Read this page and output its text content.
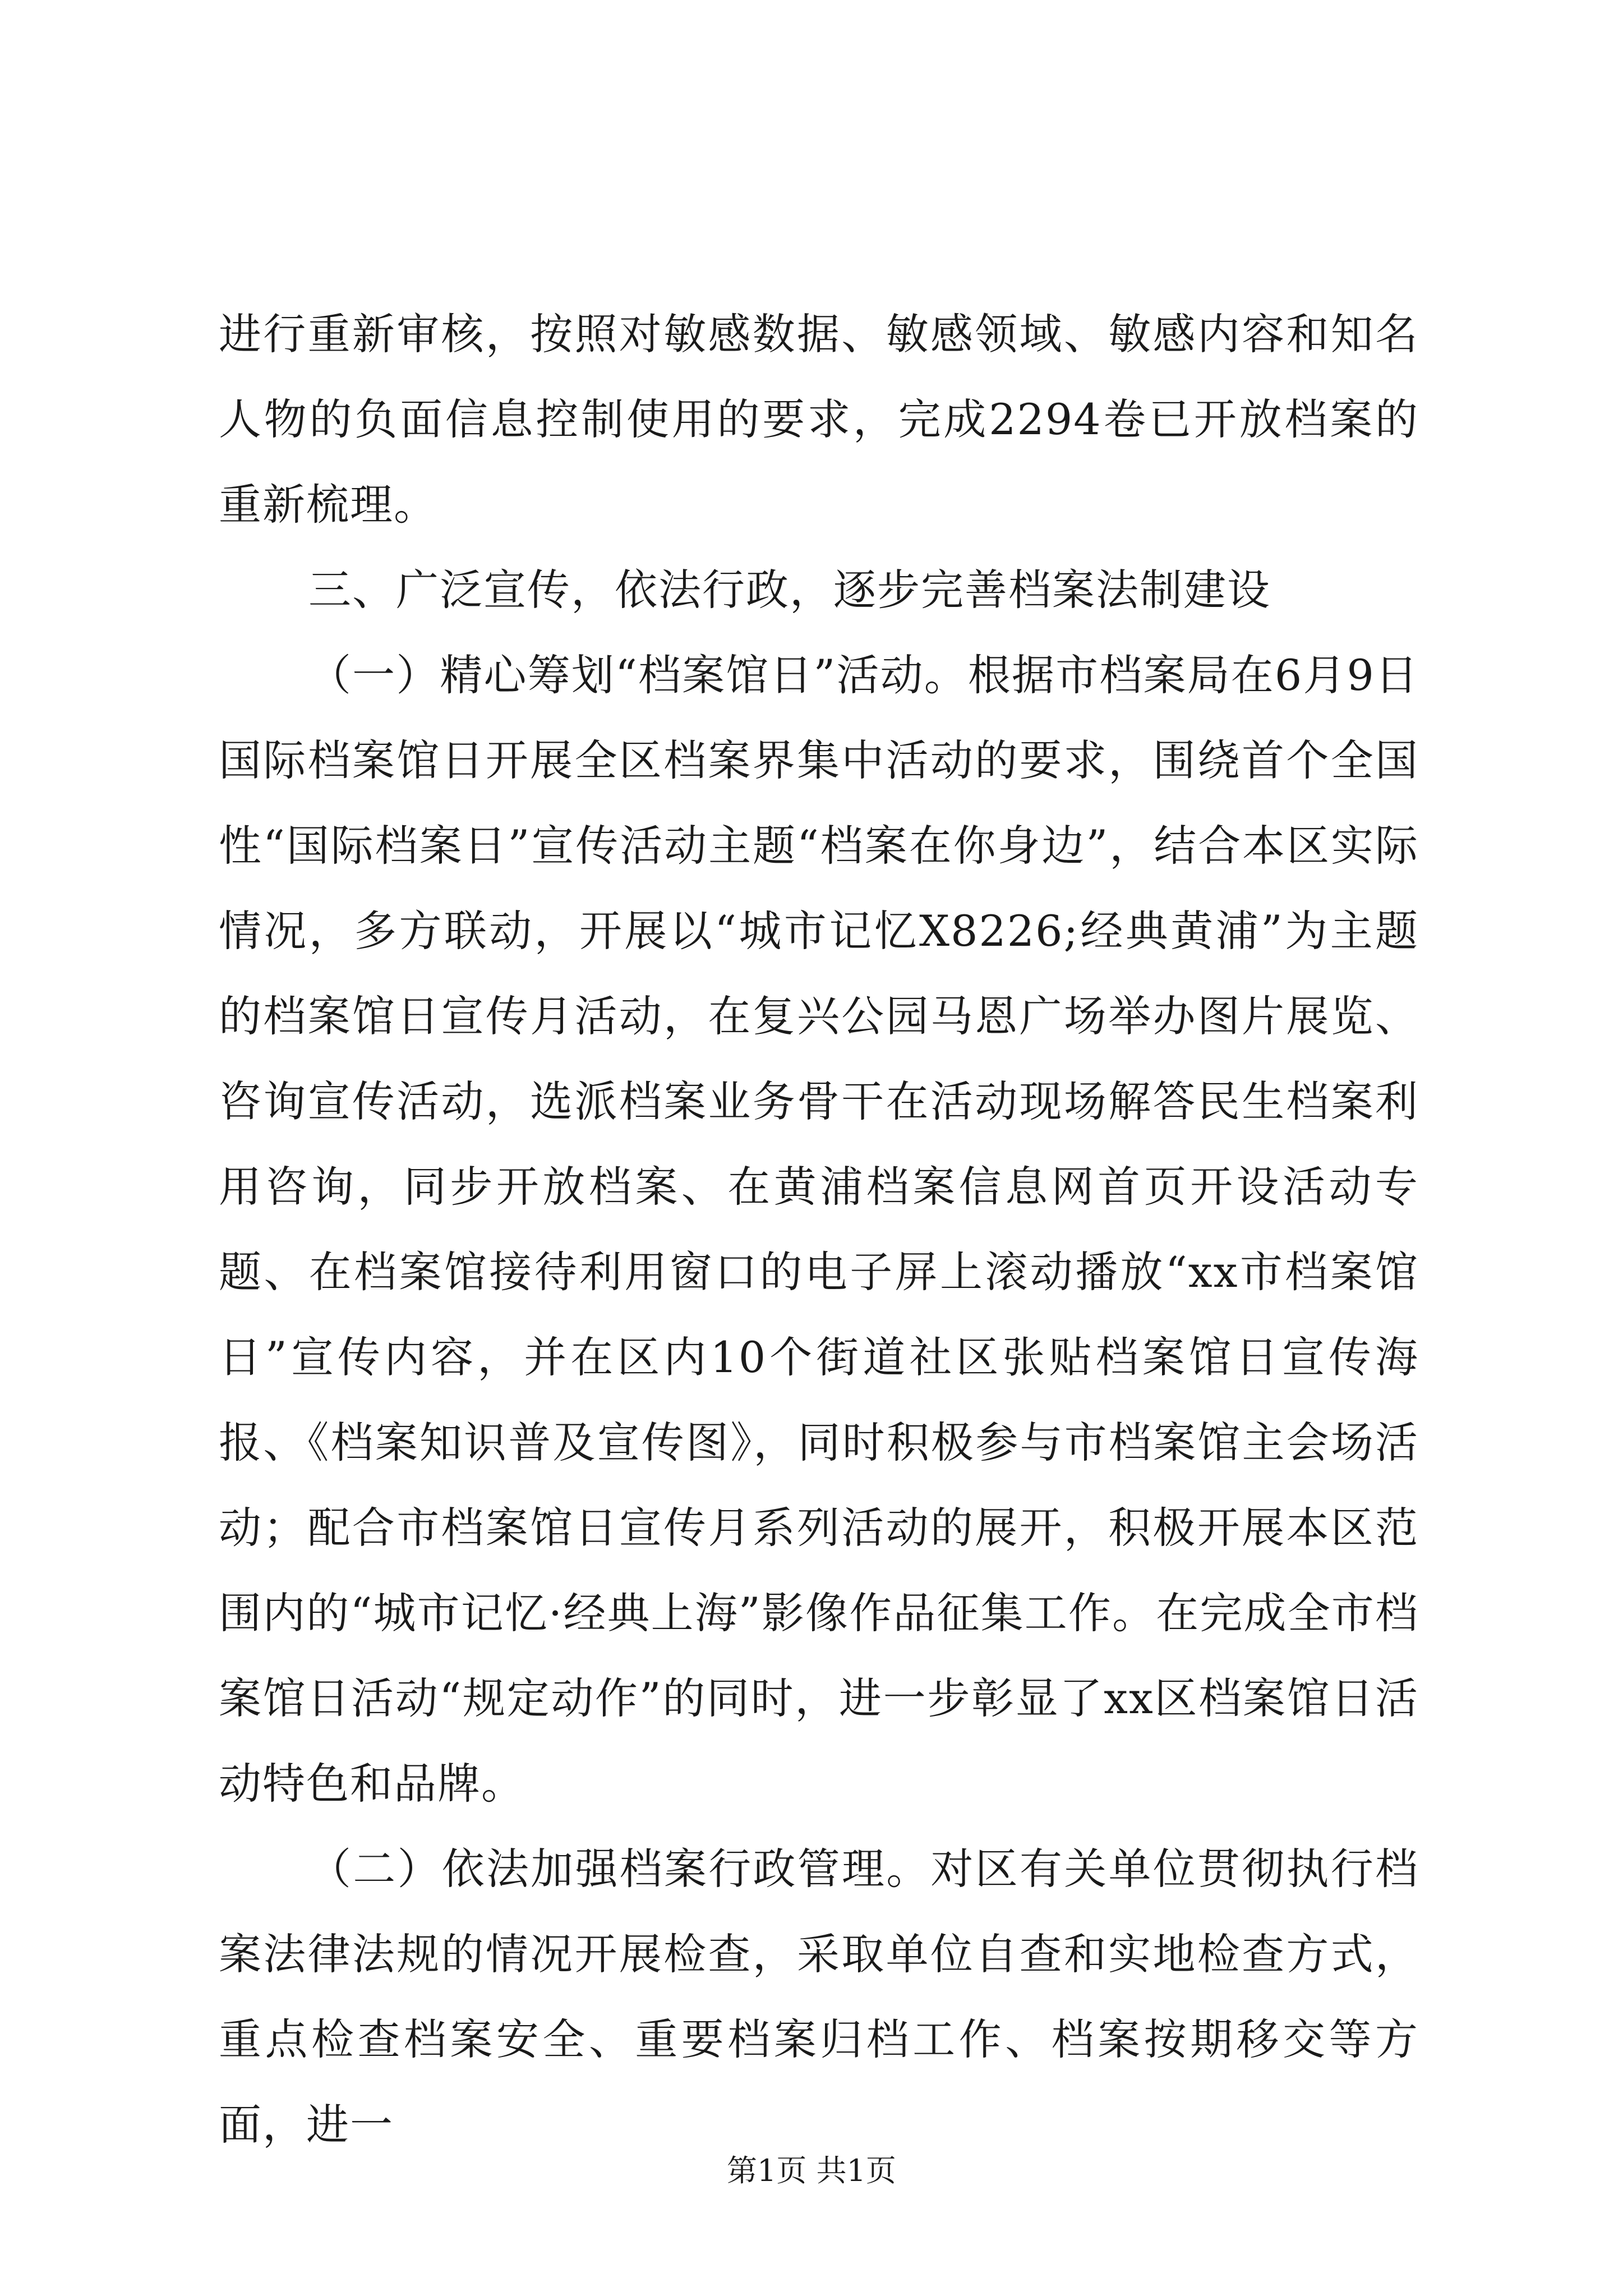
进行重新审核，按照对敏感数据、敏感领域、敏感内容和知名人物的负面信息控制使用的要求，完成2294卷已开放档案的重新梳理。

三、广泛宣传，依法行政，逐步完善档案法制建设

（一）精心筹划“档案馆日”活动。根据市档案局在6月9日国际档案馆日开展全区档案界集中活动的要求，围绕首个全国性“国际档案日”宣传活动主题“档案在你身边”，结合本区实际情况，多方联动，开展以“城市记忆X8226;经典黄浦”为主题的档案馆日宣传月活动，在复兴公园马恩广场举办图片展览、咨询宣传活动，选派档案业务骨干在活动现场解答民生档案利用咨询，同步开放档案、在黄浦档案信息网首页开设活动专题、在档案馆接待利用窗口的电子屏上滚动播放“xx市档案馆日”宣传内容，并在区内10个街道社区张贴档案馆日宣传海报、《档案知识普及宣传图》，同时积极参与市档案馆主会场活动；配合市档案馆日宣传月系列活动的展开，积极开展本区范围内的“城市记忆·经典上海”影像作品征集工作。在完成全市档案馆日活动“规定动作”的同时，进一步彰显了xx区档案馆日活动特色和品牌。

（二）依法加强档案行政管理。对区有关单位贯彻执行档案法律法规的情况开展检查，采取单位自查和实地检查方式，重点检查档案安全、重要档案归档工作、档案按期移交等方面，进一

第1页 共1页
